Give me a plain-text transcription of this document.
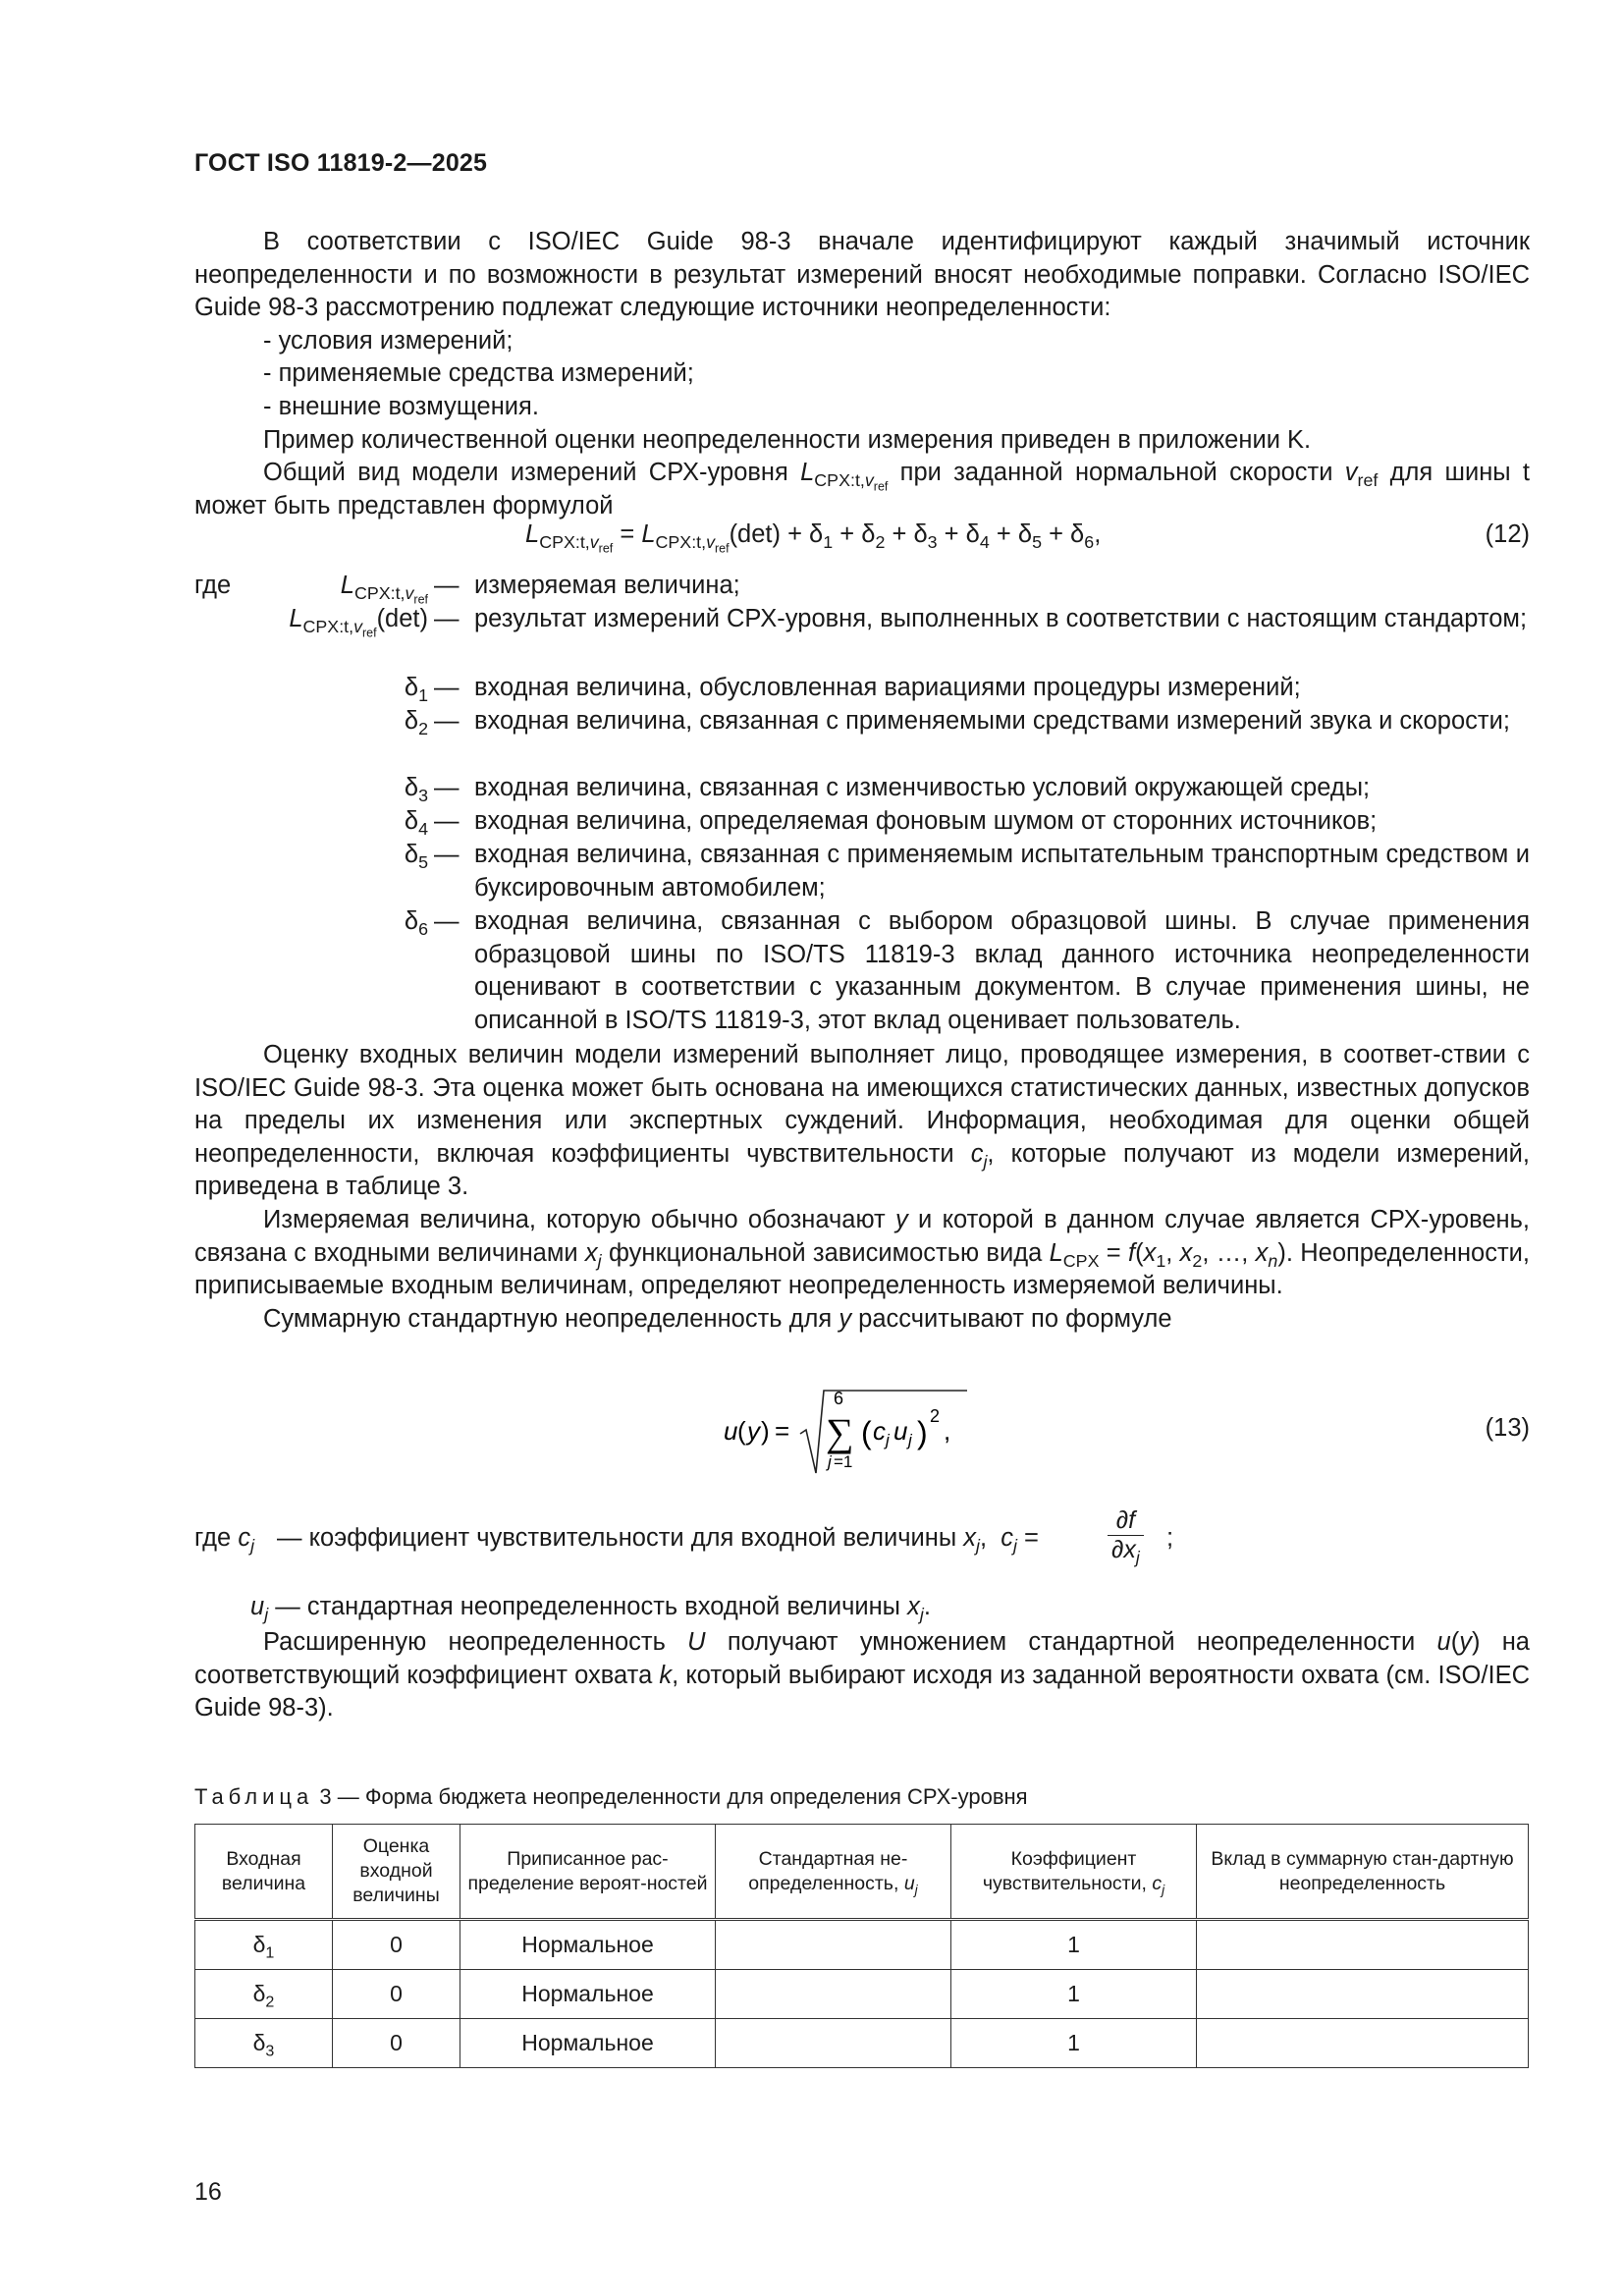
ГОСТ ISO 11819-2—2025

В соответствии с ISO/IEC Guide 98-3 вначале идентифицируют каждый значимый источник неопределенности и по возможности в результат измерений вносят необходимые поправки. Согласно ISO/IEC Guide 98-3 рассмотрению подлежат следующие источники неопределенности:

- условия измерений;

- применяемые средства измерений;

- внешние возмущения.

Пример количественной оценки неопределенности измерения приведен в приложении K.

Общий вид модели измерений СРХ-уровня $L_{CPX:t,v_{ref}}$ при заданной нормальной скорости $v_{ref}$ для шины t может быть представлен формулой

$L_{CPX:t,v_{ref}} = L_{CPX:t,v_{ref}}(\det) + \delta_1 + \delta_2 + \delta_3 + \delta_4 + \delta_5 + \delta_6$,	(12)
где	$L_{CPX:t,v_{ref}}$
— измеряемая величина;
$L_{CPX:t,v_{ref}}(\det)$ — результат измерений СРХ-уровня, выполненных в соответствии с настоящим стандартом;
$\delta_1$ — входная величина, обусловленная вариациями процедуры измерений;
$\delta_2$ — входная величина, связанная с применяемыми средствами измерений звука и скорости;
$\delta_3$ — входная величина, связанная с изменчивостью условий окружающей среды;
$\delta_4$ — входная величина, определяемая фоновым шумом от сторонних источников;
$\delta_5$ — входная величина, связанная с применяемым испытательным транспортным средством и буксировочным автомобилем;
$\delta_6$ — входная величина, связанная с выбором образцовой шины. В случае применения образцовой шины по ISO/TS 11819-3 вклад данного источника неопределенности оценивают в соответствии с указанным документом. В случае применения шины, не описанной в ISO/TS 11819-3, этот вклад оценивает пользователь.

Оценку входных величин модели измерений выполняет лицо, проводящее измерения, в соответ-ствии с ISO/IEC Guide 98-3. Эта оценка может быть основана на имеющихся статистических данных, известных допусков на пределы их изменения или экспертных суждений. Информация, необходимая для оценки общей неопределенности, включая коэффициенты чувствительности $c_j$, которые получают из модели измерений, приведена в таблице 3.

Измеряемая величина, которую обычно обозначают y и которой в данном случае является СРХ-уровень, связана с входными величинами $x_j$ функциональной зависимостью вида $L_{CPX} = f(x_1$, $x_2$, …, $x_n$). Неопределенности, приписываемые входным величинам, определяют неопределенность измеряемой величины.

Суммарную стандартную неопределенность для y рассчитывают по формуле

u ( y ) =
6
∑
j =1
( c j u j ) 2 ,	(13)
где $c_j$ — коэффициент чувствительности для входной величины $x_j$,  $c_j$ =	$\frac{\partial f}{\partial x_j}$ ;
$u_j$ — стандартная неопределенность входной величины $x_j$.

Расширенную неопределенность U получают умножением стандартной неопределенности u(y) на соответствующий коэффициент охвата k, который выбирают исходя из заданной вероятности охвата (см. ISO/IEC Guide 98-3).

Таблица 3 — Форма бюджета неопределенности для определения СРХ-уровня
Входная величина	Оценка входной величины	Приписанное рас-пределение вероят-ностей	Стандартная не-определенность, $u_j$	Коэффициент чувствительности, $c_j$	Вклад в суммарную стан-дартную неопределенность
$\delta_1$	0	Нормальное		1	
$\delta_2$	0	Нормальное		1	
$\delta_3$	0	Нормальное		1	
16
